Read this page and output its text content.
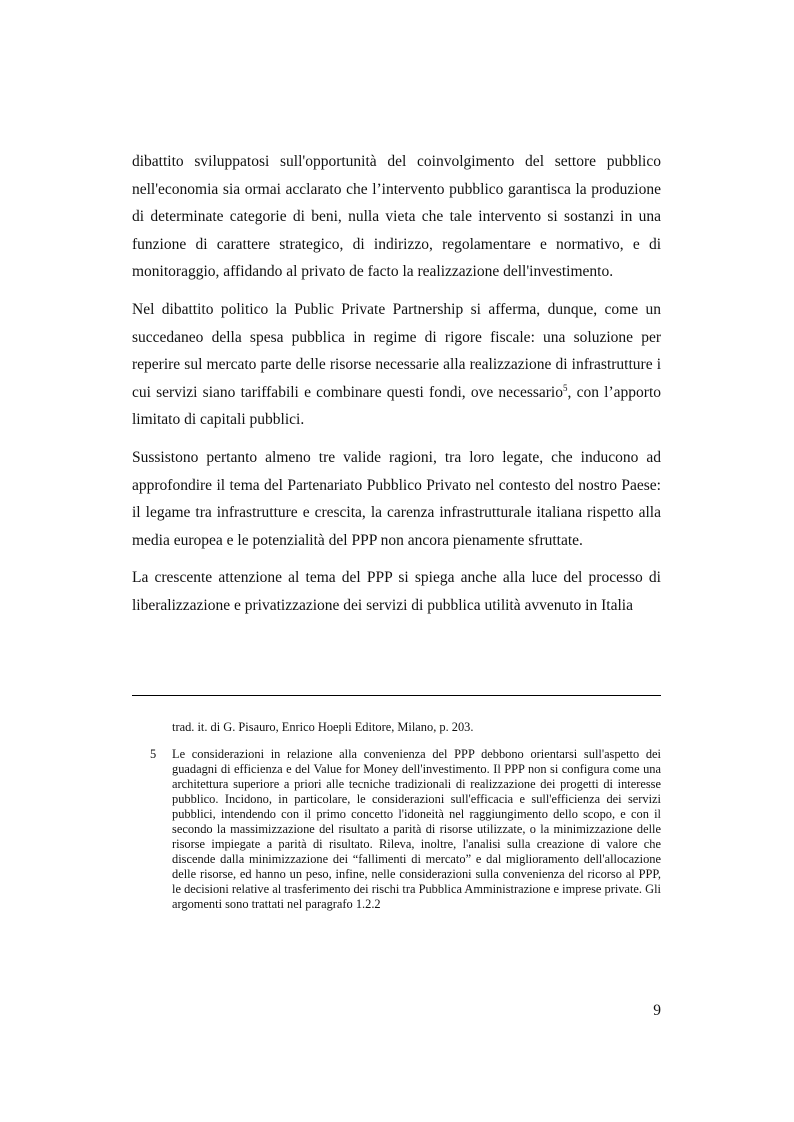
dibattito sviluppatosi sull'opportunità del coinvolgimento del settore pubblico nell'economia sia ormai acclarato che l’intervento pubblico garantisca la produzione di determinate categorie di beni, nulla vieta che tale intervento si sostanzi in una funzione di carattere strategico, di indirizzo, regolamentare e normativo, e di monitoraggio, affidando al privato de facto la realizzazione dell'investimento.

Nel dibattito politico la Public Private Partnership si afferma, dunque, come un succedaneo della spesa pubblica in regime di rigore fiscale: una soluzione per reperire sul mercato parte delle risorse necessarie alla realizzazione di infrastrutture i cui servizi siano tariffabili e combinare questi fondi, ove necessario$^5$, con l’apporto limitato di capitali pubblici.

Sussistono pertanto almeno tre valide ragioni, tra loro legate, che inducono ad approfondire il tema del Partenariato Pubblico Privato nel contesto del nostro Paese: il legame tra infrastrutture e crescita, la carenza infrastrutturale italiana rispetto alla media europea e le potenzialità del PPP non ancora pienamente sfruttate.

La crescente attenzione al tema del PPP si spiega anche alla luce del processo di liberalizzazione e privatizzazione dei servizi di pubblica utilità avvenuto in Italia

trad. it. di G. Pisauro, Enrico Hoepli Editore, Milano, p. 203.
5 Le considerazioni in relazione alla convenienza del PPP debbono orientarsi sull'aspetto dei guadagni di efficienza e del Value for Money dell'investimento. Il PPP non si configura come una architettura superiore a priori alle tecniche tradizionali di realizzazione dei progetti di interesse pubblico. Incidono, in particolare, le considerazioni sull'efficacia e sull'efficienza dei servizi pubblici, intendendo con il primo concetto l'idoneità nel raggiungimento dello scopo, e con il secondo la massimizzazione del risultato a parità di risorse utilizzate, o la minimizzazione delle risorse impiegate a parità di risultato. Rileva, inoltre, l'analisi sulla creazione di valore che discende dalla minimizzazione dei “fallimenti di mercato” e dal miglioramento dell'allocazione delle risorse, ed hanno un peso, infine, nelle considerazioni sulla convenienza del ricorso al PPP, le decisioni relative al trasferimento dei rischi tra Pubblica Amministrazione e imprese private. Gli argomenti sono trattati nel paragrafo 1.2.2
9
